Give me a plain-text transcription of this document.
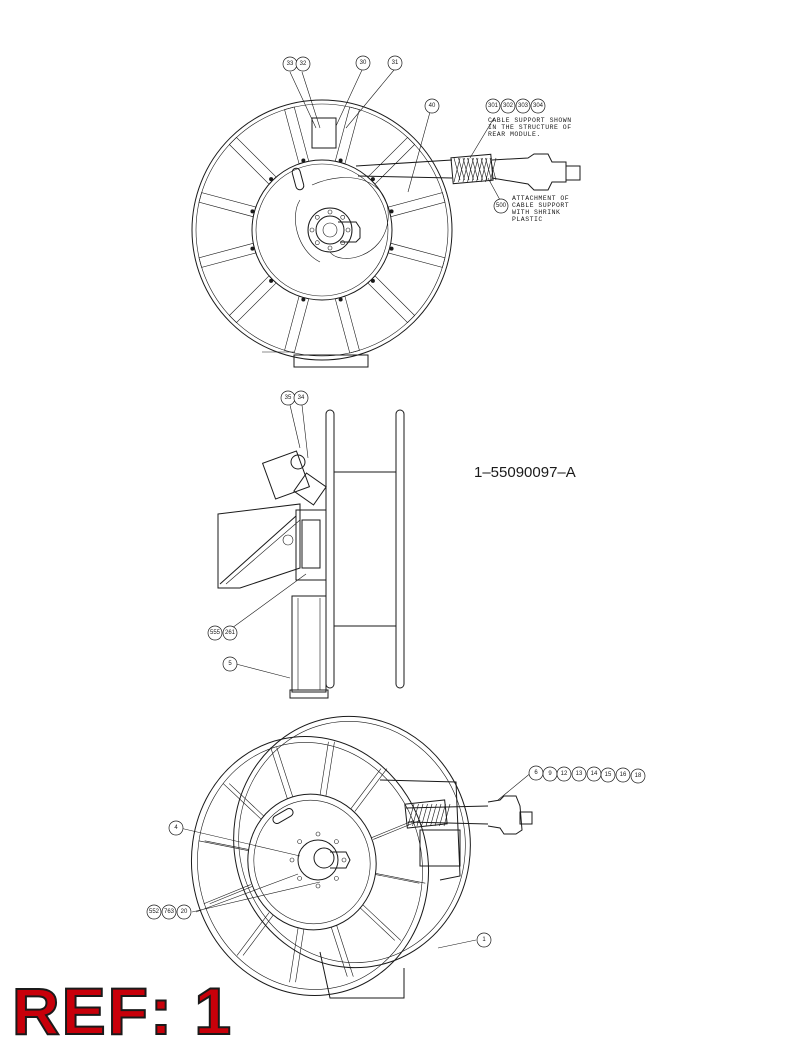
33 32	30	31
40	301 302 303 304
500
35 34
555 261
5
6 9 12 13 14 15 16 18
4
552 763 20
1
CABLE SUPPORT SHOWN
IN THE STRUCTURE OF
REAR MODULE.
ATTACHMENT OF
CABLE SUPPORT
WITH SHRINK
PLASTIC
1–55090097–A
REF: 1
